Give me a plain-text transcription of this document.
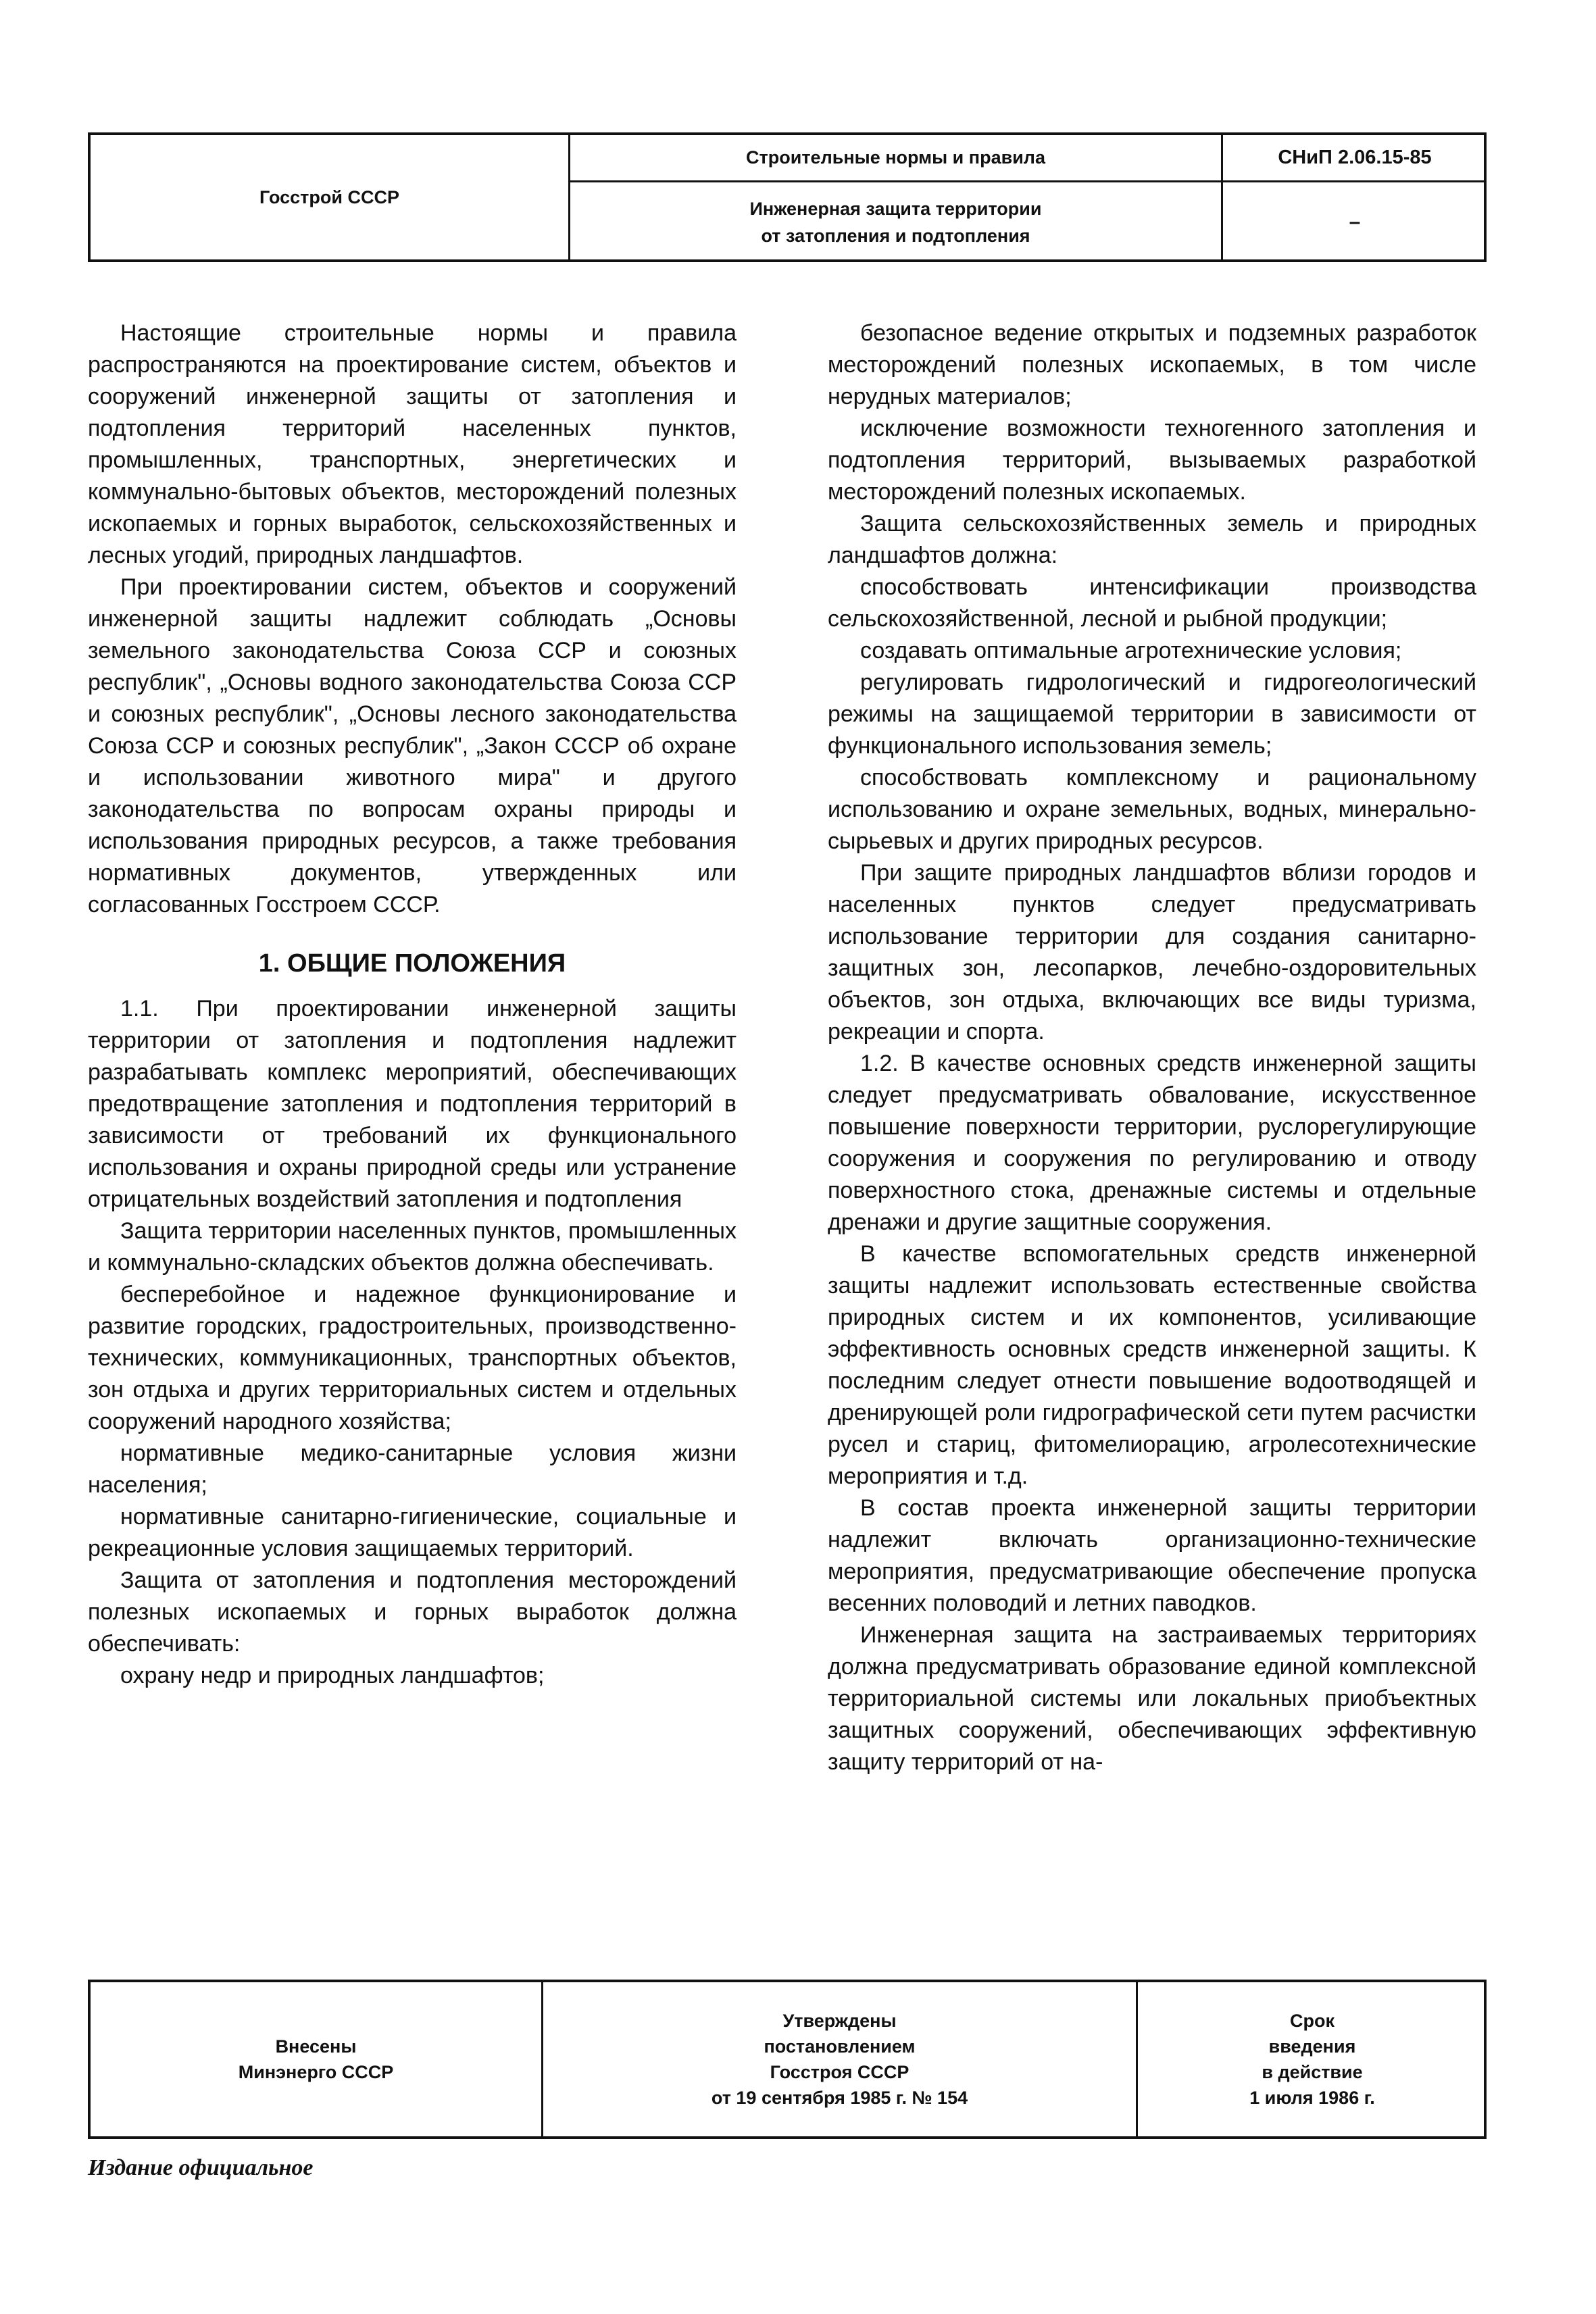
Госстрой СССР
Строительные нормы и правила
Инженерная защита территории
от затопления и подтопления
СНиП 2.06.15-85
–

Настоящие строительные нормы и правила распространяются на проектирование систем, объектов и сооружений инженерной защиты от затопления и подтопления территорий населенных пунктов, промышленных, транспортных, энергетических и коммунально-бытовых объектов, месторождений полезных ископаемых и горных выработок, сельскохозяйственных и лесных угодий, природных ландшафтов.

При проектировании систем, объектов и сооружений инженерной защиты надлежит соблюдать „Основы земельного законодательства Союза ССР и союзных республик", „Основы водного законодательства Союза ССР и союзных республик", „Основы лесного законодательства Союза ССР и союзных республик", „Закон СССР об охране и использовании животного мира" и другого законодательства по вопросам охраны природы и использования природных ресурсов, а также требования нормативных документов, утвержденных или согласованных Госстроем СССР.

1. ОБЩИЕ ПОЛОЖЕНИЯ

1.1. При проектировании инженерной защиты территории от затопления и подтопления надлежит разрабатывать комплекс мероприятий, обеспечивающих предотвращение затопления и подтопления территорий в зависимости от требований их функционального использования и охраны природной среды или устранение отрицательных воздействий затопления и подтопления

Защита территории населенных пунктов, промышленных и коммунально-складских объектов должна обеспечивать.

бесперебойное и надежное функционирование и развитие городских, градостроительных, производственно-технических, коммуникационных, транспортных объектов, зон отдыха и других территориальных систем и отдельных сооружений народного хозяйства;

нормативные медико-санитарные условия жизни населения;

нормативные санитарно-гигиенические, социальные и рекреационные условия защищаемых территорий.

Защита от затопления и подтопления месторождений полезных ископаемых и горных выработок должна обеспечивать:

охрану недр и природных ландшафтов;

безопасное ведение открытых и подземных разработок месторождений полезных ископаемых, в том числе нерудных материалов;

исключение возможности техногенного затопления и подтопления территорий, вызываемых разработкой месторождений полезных ископаемых.

Защита сельскохозяйственных земель и природных ландшафтов должна:

способствовать интенсификации производства сельскохозяйственной, лесной и рыбной продукции;

создавать оптимальные агротехнические условия;

регулировать гидрологический и гидрогеологический режимы на защищаемой территории в зависимости от функционального использования земель;

способствовать комплексному и рациональному использованию и охране земельных, водных, минерально-сырьевых и других природных ресурсов.

При защите природных ландшафтов вблизи городов и населенных пунктов следует предусматривать использование территории для создания санитарно-защитных зон, лесопарков, лечебно-оздоровительных объектов, зон отдыха, включающих все виды туризма, рекреации и спорта.

1.2. В качестве основных средств инженерной защиты следует предусматривать обвалование, искусственное повышение поверхности территории, руслорегулирующие сооружения и сооружения по регулированию и отводу поверхностного стока, дренажные системы и отдельные дренажи и другие защитные сооружения.

В качестве вспомогательных средств инженерной защиты надлежит использовать естественные свойства природных систем и их компонентов, усиливающие эффективность основных средств инженерной защиты. К последним следует отнести повышение водоотводящей и дренирующей роли гидрографической сети путем расчистки русел и стариц, фитомелиорацию, агролесотехнические мероприятия и т.д.

В состав проекта инженерной защиты территории надлежит включать организационно-технические мероприятия, предусматривающие обеспечение пропуска весенних половодий и летних паводков.

Инженерная защита на застраиваемых территориях должна предусматривать образование единой комплексной территориальной системы или локальных приобъектных защитных сооружений, обеспечивающих эффективную защиту территорий от на-

Внесены
Минэнерго СССР
Утверждены
постановлением
Госстроя СССР
от 19 сентября 1985 г. № 154
Срок
введения
в действие
1 июля 1986 г.
Издание официальное
